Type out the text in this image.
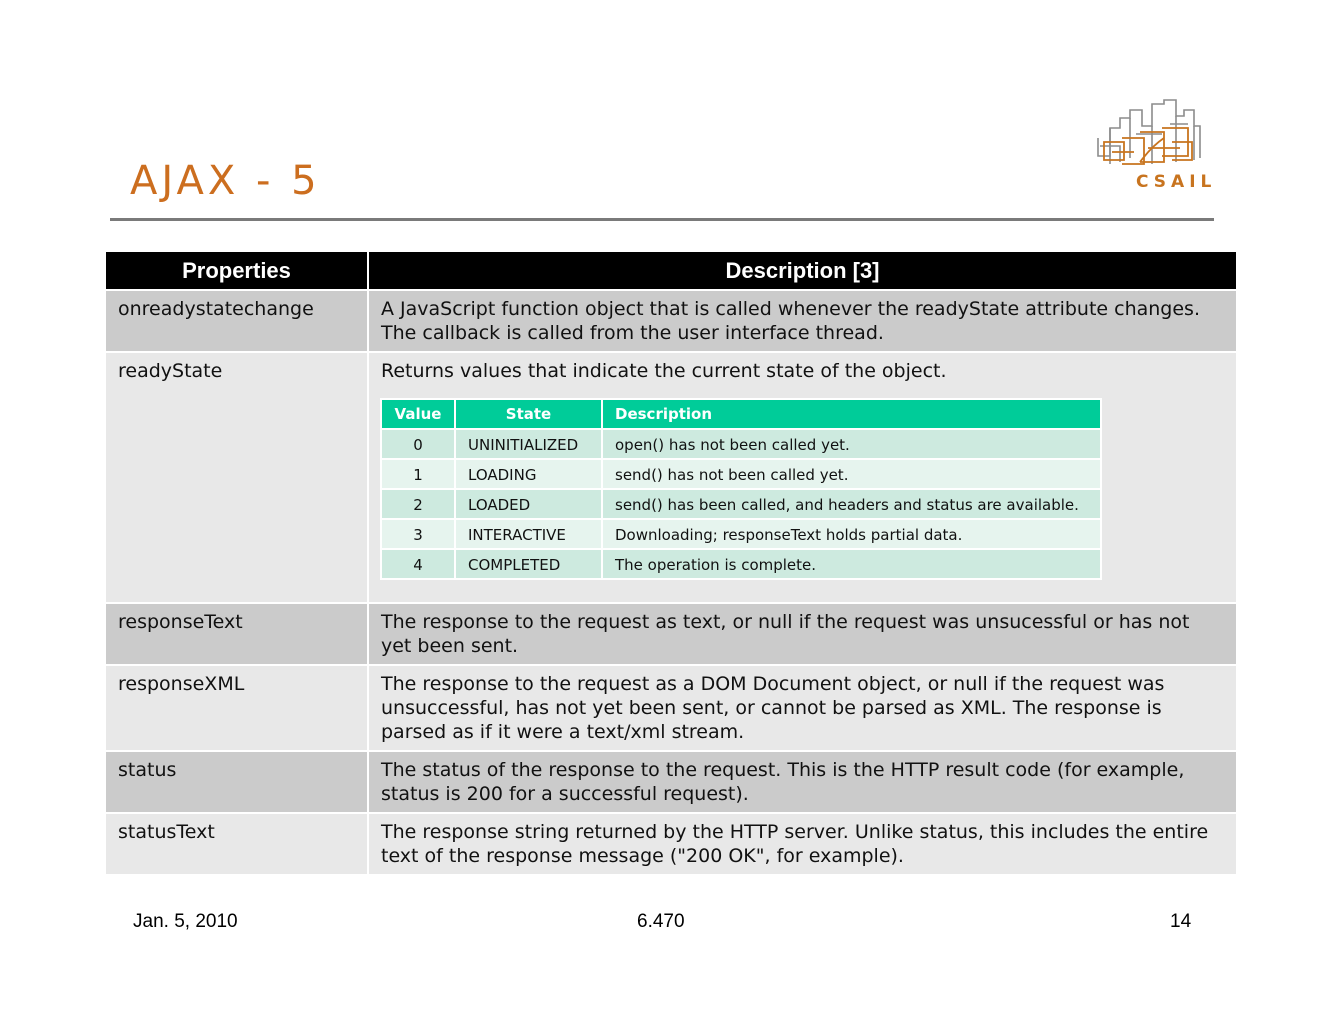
AJAX - 5	CSAIL
Properties	Description [3]
onreadystatechange	A JavaScript function object that is called whenever the readyState attribute changes. The callback is called from the user interface thread.
readyState	Returns values that indicate the current state of the object.
Value	State	Description
0	UNINITIALIZED	open() has not been called yet.
1	LOADING	send() has not been called yet.
2	LOADED	send() has been called, and headers and status are available.
3	INTERACTIVE	Downloading; responseText holds partial data.
4	COMPLETED	The operation is complete.

responseText	The response to the request as text, or null if the request was unsucessful or has not yet been sent.
responseXML	The response to the request as a DOM Document object, or null if the request was unsuccessful, has not yet been sent, or cannot be parsed as XML. The response is parsed as if it were a text/xml stream.
status	The status of the response to the request. This is the HTTP result code (for example, status is 200 for a successful request).
statusText	The response string returned by the HTTP server. Unlike status, this includes the entire text of the response message ("200 OK", for example).
Jan. 5, 2010	6.470	14
